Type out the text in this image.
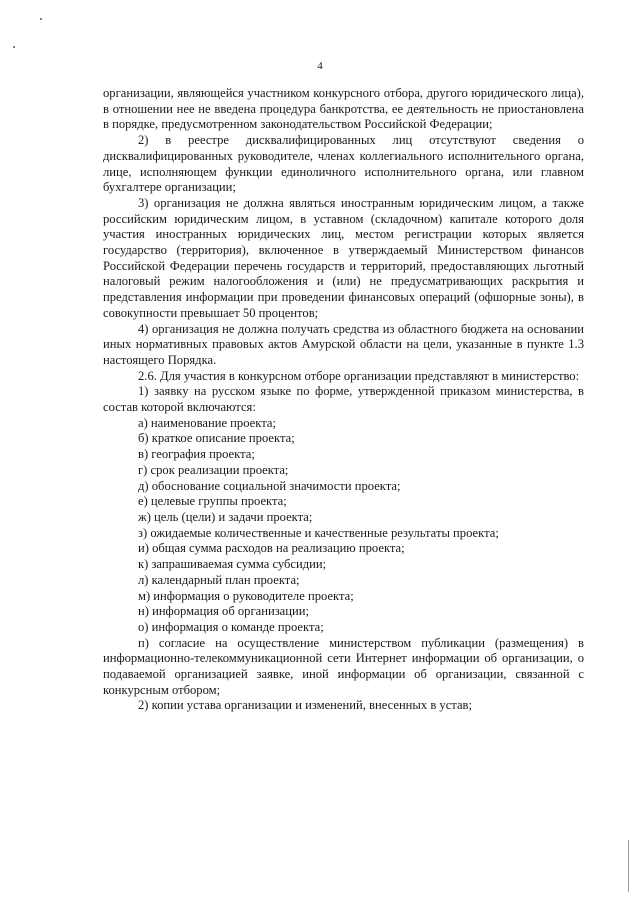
4

организации, являющейся участником конкурсного отбора, другого юридического лица), в отношении нее не введена процедура банкротства, ее деятельность не приостановлена в порядке, предусмотренном законодательством Российской Федерации;

2) в реестре дисквалифицированных лиц отсутствуют сведения о дисквалифицированных руководителе, членах коллегиального исполнительного органа, лице, исполняющем функции единоличного исполнительного органа, или главном бухгалтере организации;

3) организация не должна являться иностранным юридическим лицом, а также российским юридическим лицом, в уставном (складочном) капитале которого доля участия иностранных юридических лиц, местом регистрации которых является государство (территория), включенное в утверждаемый Министерством финансов Российской Федерации перечень государств и территорий, предоставляющих льготный налоговый режим налогообложения и (или) не предусматривающих раскрытия и представления информации при проведении финансовых операций (офшорные зоны), в совокупности превышает 50 процентов;

4) организация не должна получать средства из областного бюджета на основании иных нормативных правовых актов Амурской области на цели, указанные в пункте 1.3 настоящего Порядка.

2.6. Для участия в конкурсном отборе организации представляют в министерство:

1) заявку на русском языке по форме, утвержденной приказом министерства, в состав которой включаются:

а) наименование проекта;

б) краткое описание проекта;

в) география проекта;

г) срок реализации проекта;

д) обоснование социальной значимости проекта;

е) целевые группы проекта;

ж) цель (цели) и задачи проекта;

з) ожидаемые количественные и качественные результаты проекта;

и) общая сумма расходов на реализацию проекта;

к) запрашиваемая сумма субсидии;

л) календарный план проекта;

м) информация о руководителе проекта;

н) информация об организации;

о) информация о команде проекта;

п) согласие на осуществление министерством публикации (размещения) в информационно-телекоммуникационной сети Интернет информации об организации, о подаваемой организацией заявке, иной информации об организации, связанной с конкурсным отбором;

2) копии устава организации и изменений, внесенных в устав;
